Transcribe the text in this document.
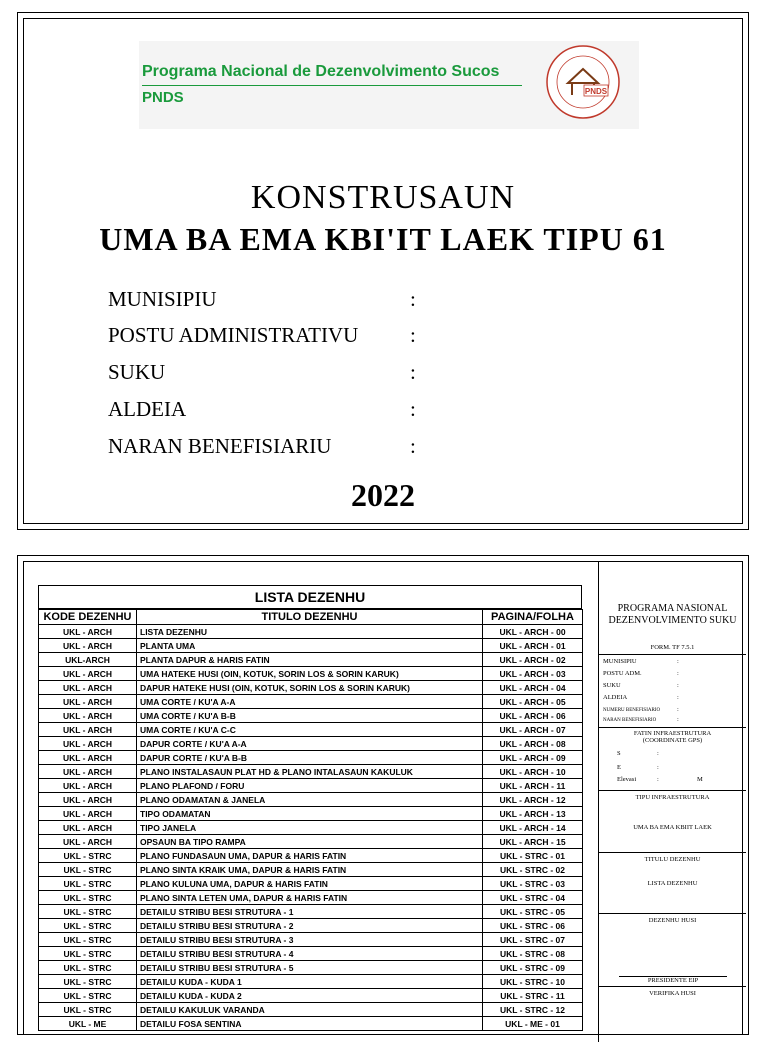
Programa Nacional de Dezenvolvimento Sucos
PNDS	PNDS
KONSTRUSAUN
UMA BA EMA KBI'IT LAEK TIPU 61
MUNISIPIU	:
POSTU ADMINISTRATIVU :
SUKU	:
ALDEIA	:
NARAN BENEFISIARIU	:
2022
LISTA DEZENHU
KODE DEZENHU	TITULO DEZENHU	PAGINA/FOLHA
UKL - ARCH	LISTA DEZENHU	UKL - ARCH - 00
UKL - ARCH	PLANTA UMA	UKL - ARCH - 01
UKL-ARCH	PLANTA DAPUR & HARIS FATIN	UKL - ARCH - 02
UKL - ARCH	UMA HATEKE HUSI (OIN, KOTUK, SORIN LOS & SORIN KARUK)	UKL - ARCH - 03
UKL - ARCH	DAPUR HATEKE HUSI (OIN, KOTUK, SORIN LOS & SORIN KARUK)	UKL - ARCH - 04
UKL - ARCH	UMA CORTE / KU'A A-A	UKL - ARCH - 05
UKL - ARCH	UMA CORTE / KU'A B-B	UKL - ARCH - 06
UKL - ARCH	UMA CORTE / KU'A C-C	UKL - ARCH - 07
UKL - ARCH	DAPUR CORTE / KU'A A-A	UKL - ARCH - 08
UKL - ARCH	DAPUR CORTE / KU'A B-B	UKL - ARCH - 09
UKL - ARCH	PLANO INSTALASAUN PLAT HD & PLANO INTALASAUN KAKULUK	UKL - ARCH - 10
UKL - ARCH	PLANO PLAFOND / FORU	UKL - ARCH - 11
UKL - ARCH	PLANO ODAMATAN & JANELA	UKL - ARCH - 12
UKL - ARCH	TIPO ODAMATAN	UKL - ARCH - 13
UKL - ARCH	TIPO JANELA	UKL - ARCH - 14
UKL - ARCH	OPSAUN BA TIPO RAMPA	UKL - ARCH - 15
UKL - STRC	PLANO FUNDASAUN UMA, DAPUR & HARIS FATIN	UKL - STRC - 01
UKL - STRC	PLANO SINTA KRAIK UMA, DAPUR & HARIS FATIN	UKL - STRC - 02
UKL - STRC	PLANO KULUNA UMA, DAPUR & HARIS FATIN	UKL - STRC - 03
UKL - STRC	PLANO SINTA LETEN UMA, DAPUR & HARIS FATIN	UKL - STRC - 04
UKL - STRC	DETAILU STRIBU BESI STRUTURA - 1	UKL - STRC - 05
UKL - STRC	DETAILU STRIBU BESI STRUTURA - 2	UKL - STRC - 06
UKL - STRC	DETAILU STRIBU BESI STRUTURA - 3	UKL - STRC - 07
UKL - STRC	DETAILU STRIBU BESI STRUTURA - 4	UKL - STRC - 08
UKL - STRC	DETAILU STRIBU BESI STRUTURA - 5	UKL - STRC - 09
UKL - STRC	DETAILU KUDA - KUDA 1	UKL - STRC - 10
UKL - STRC	DETAILU KUDA - KUDA 2	UKL - STRC - 11
UKL - STRC	DETAILU KAKULUK VARANDA	UKL - STRC - 12
UKL - ME	DETAILU FOSA SENTINA	UKL - ME - 01
PROGRAMA NASIONAL
DEZENVOLVIMENTO SUKU
FORM. TF 7.5.1
MUNISIPIU	:
POSTU ADM.	:
SUKU	:
ALDEIA	:
NUMERU BENEFISIARIO	:
NARAN BENEFISIARIO	:
FATIN INFRAESTRUTURA
(COORDINATE GPS)
S	:
E	:
Elevasi	:	M
TIPU INFRAESTRUTURA
UMA BA EMA KBIIT LAEK
TITULU DEZENHU
LISTA DEZENHU
DEZENHU HUSI
PRESIDENTE EIP
VERIFIKA HUSI
